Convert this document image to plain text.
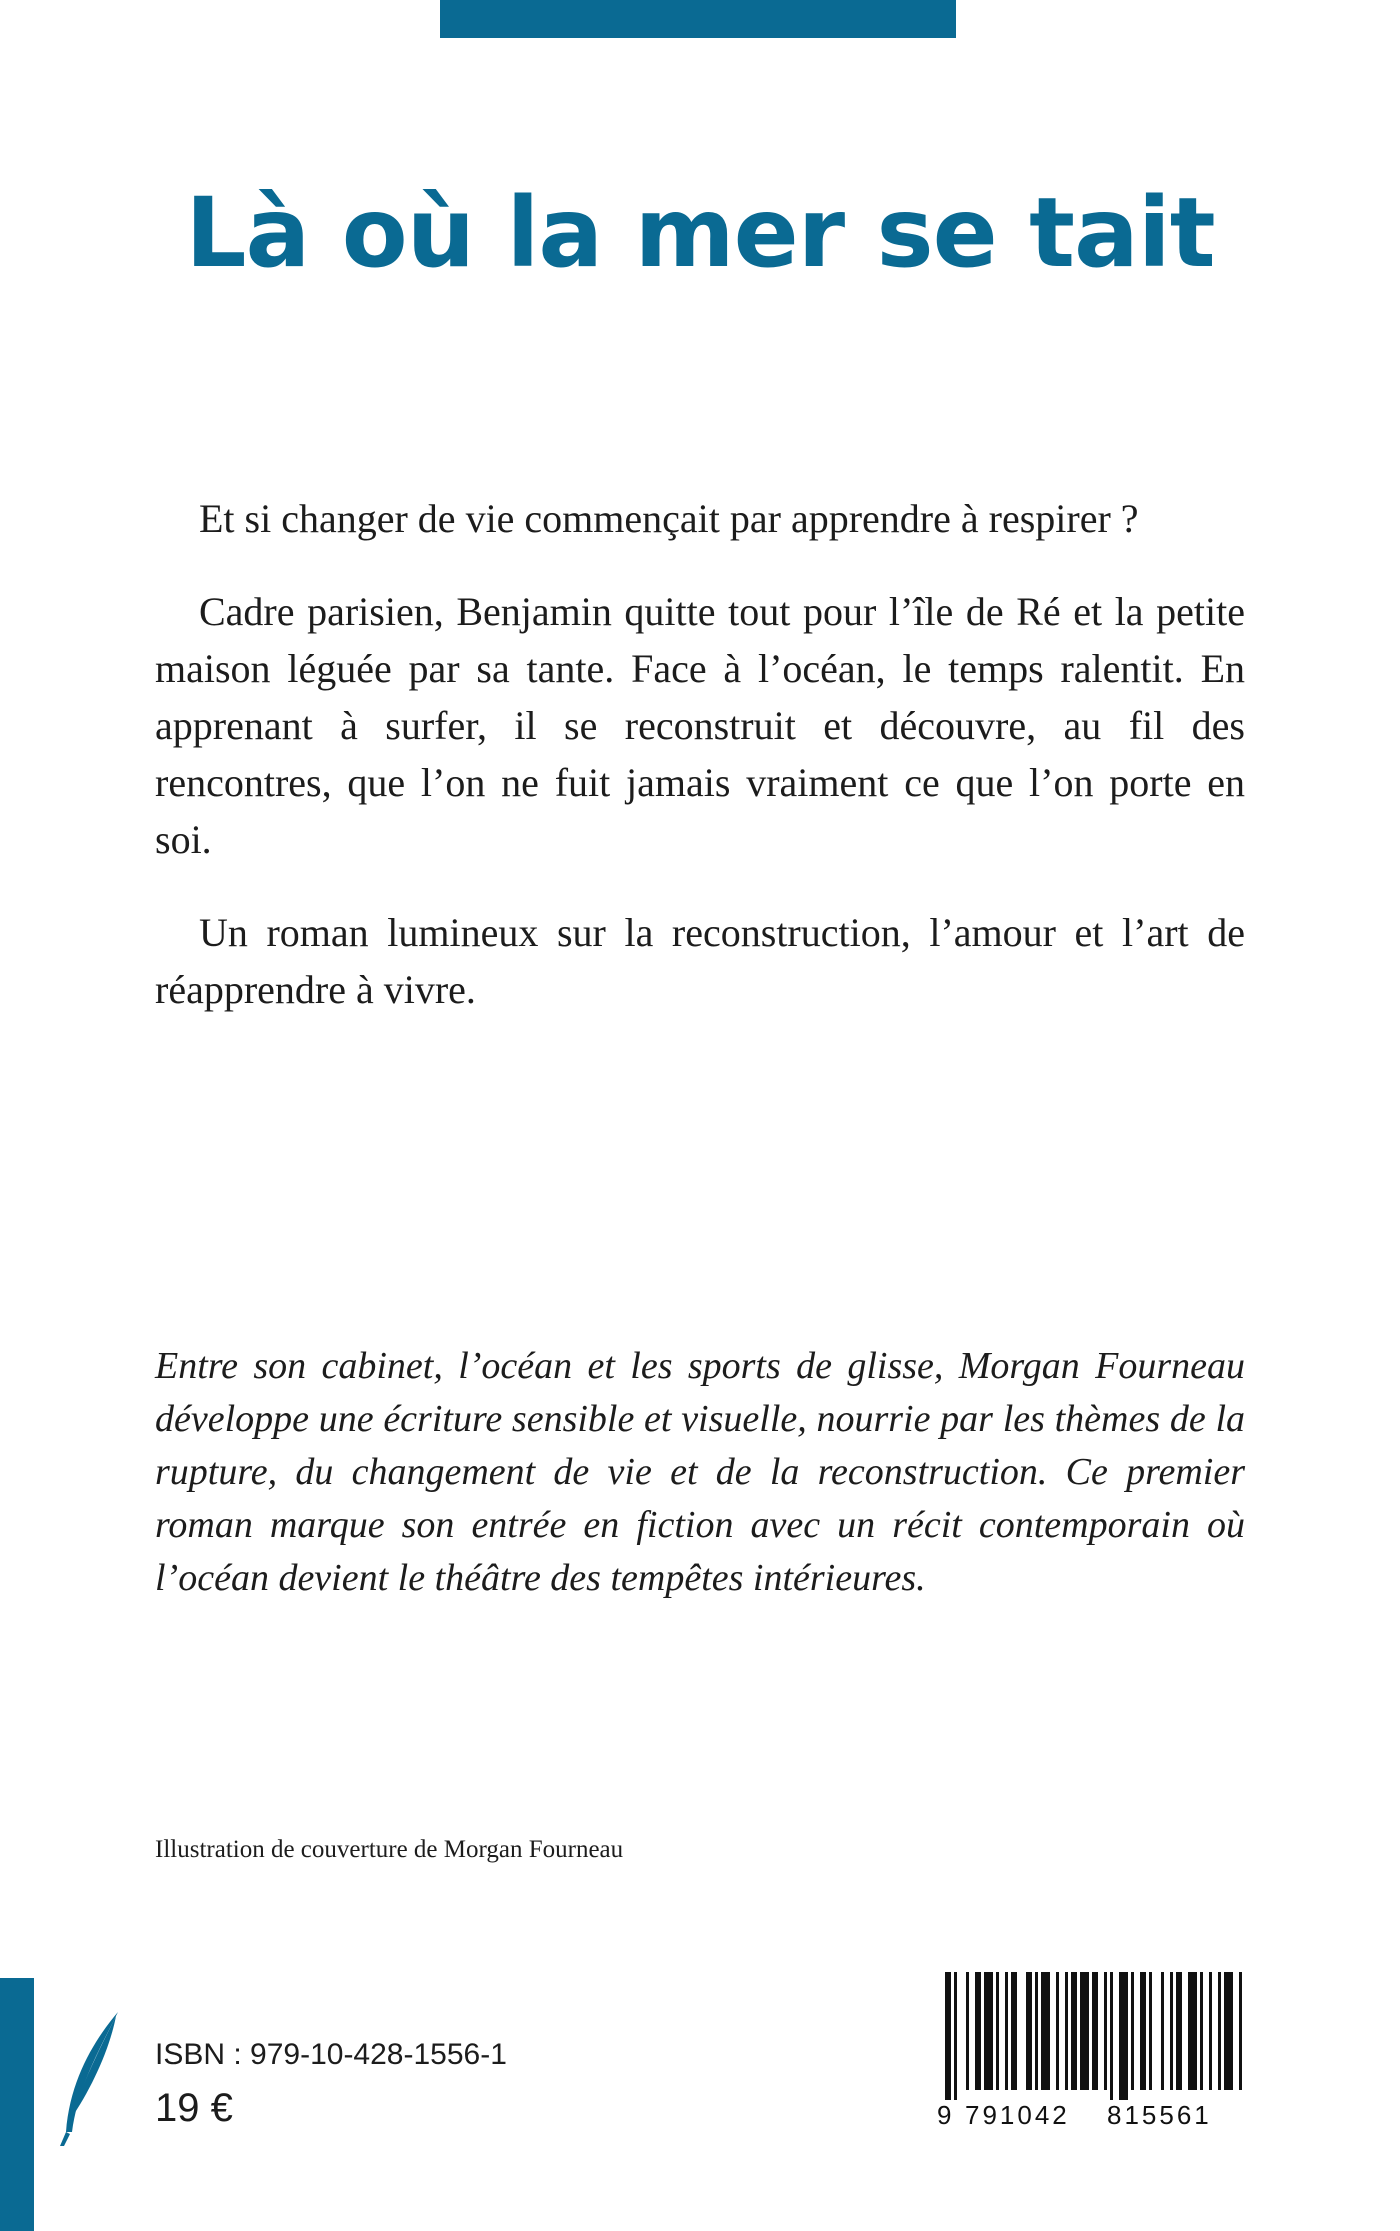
Là où la mer se tait

Et si changer de vie commençait par apprendre à respirer ?

Cadre parisien, Benjamin quitte tout pour l’île de Ré et la petite maison léguée par sa tante. Face à l’océan, le temps ralentit. En apprenant à surfer, il se reconstruit et découvre, au fil des rencontres, que l’on ne fuit jamais vraiment ce que l’on porte en soi.

Un roman lumineux sur la reconstruction, l’amour et l’art de réapprendre à vivre.

Entre son cabinet, l’océan et les sports de glisse, Morgan Fourneau développe une écriture sensible et visuelle, nourrie par les thèmes de la rupture, du changement de vie et de la reconstruction. Ce premier roman marque son entrée en fiction avec un récit contemporain où l’océan devient le théâtre des tempêtes intérieures.

Illustration de couverture de Morgan Fourneau

ISBN : 979-10-428-1556-1

19 €	9 791042 815561
